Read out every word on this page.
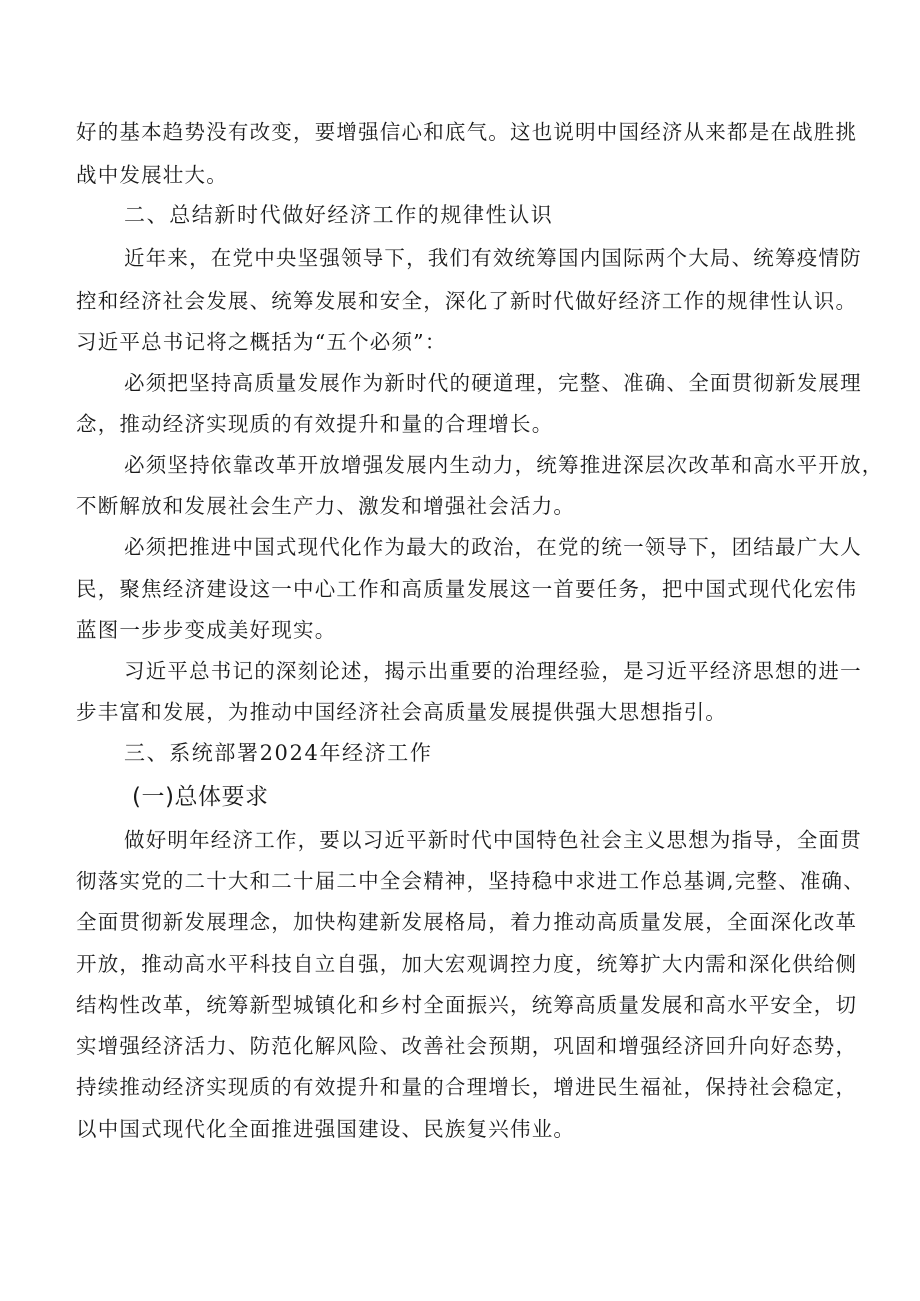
好的基本趋势没有改变，要增强信心和底气。这也说明中国经济从来都是在战胜挑
战中发展壮大。
二、总结新时代做好经济工作的规律性认识
近年来，在党中央坚强领导下，我们有效统筹国内国际两个大局、统筹疫情防
控和经济社会发展、统筹发展和安全，深化了新时代做好经济工作的规律性认识。
习近平总书记将之概括为“五个必须”：
必须把坚持高质量发展作为新时代的硬道理，完整、准确、全面贯彻新发展理
念，推动经济实现质的有效提升和量的合理增长。
必须坚持依靠改革开放增强发展内生动力，统筹推进深层次改革和高水平开放，
不断解放和发展社会生产力、激发和增强社会活力。
必须把推进中国式现代化作为最大的政治，在党的统一领导下，团结最广大人
民，聚焦经济建设这一中心工作和高质量发展这一首要任务，把中国式现代化宏伟
蓝图一步步变成美好现实。
习近平总书记的深刻论述，揭示出重要的治理经验，是习近平经济思想的进一
步丰富和发展，为推动中国经济社会高质量发展提供强大思想指引。
三、系统部署2024年经济工作
(一)总体要求
做好明年经济工作，要以习近平新时代中国特色社会主义思想为指导，全面贯
彻落实党的二十大和二十届二中全会精神，坚持稳中求进工作总基调,完整、准确、
全面贯彻新发展理念，加快构建新发展格局，着力推动高质量发展，全面深化改革
开放，推动高水平科技自立自强，加大宏观调控力度，统筹扩大内需和深化供给侧
结构性改革，统筹新型城镇化和乡村全面振兴，统筹高质量发展和高水平安全，切
实增强经济活力、防范化解风险、改善社会预期，巩固和增强经济回升向好态势，
持续推动经济实现质的有效提升和量的合理增长，增进民生福祉，保持社会稳定，
以中国式现代化全面推进强国建设、民族复兴伟业。
